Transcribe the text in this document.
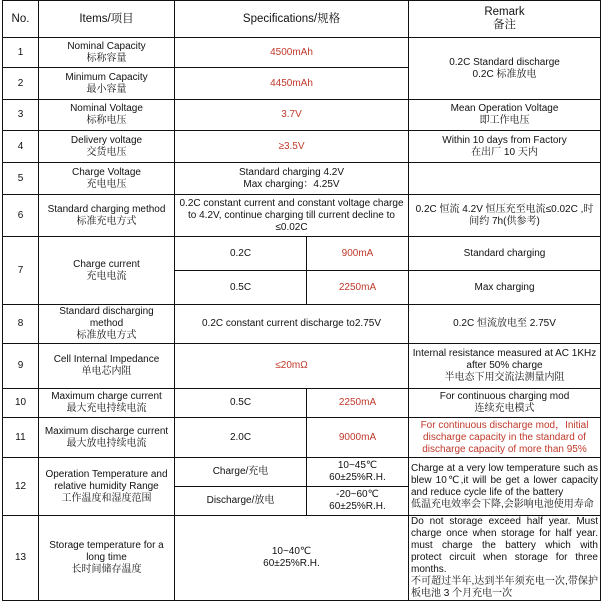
No.	Items/项目	Specifications/规格		Remark
备注

1	Nominal Capacity
标称容量	4500mAh		0.2C Standard discharge
0.2C 标准放电

2	Minimum Capacity
最小容量	4450mAh		
3	Nominal Voltage
标称电压	3.7V		Mean Operation Voltage
即工作电压

4	Delivery voltage
交货电压	≥3.5V		Within 10 days from Factory
在出厂 10 天内

5	Charge Voltage
充电电压	Standard charging 4.2V
Max charging：4.25V		

6	Standard charging method
标准充电方式	0.2C constant current and constant voltage charge to 4.2V, continue charging till current decline to ≤0.02C		0.2C 恒流 4.2V 恒压充至电流≤0.02C ,时间约 7h(供参考)
7	Charge current
充电电流	0.2C	900mA	Standard charging
		0.5C	2250mA	Max charging
8	Standard discharging method
标准放电方式	0.2C constant current discharge to2.75V		0.2C 恒流放电至 2.75V
9	Cell Internal Impedance
单电芯内阻	≤20mΩ		Internal resistance measured at AC 1KHz
after 50% charge
半电态下用交流法测量内阻

10	Maximum charge current
最大充电持续电流	0.5C	2250mA	For continuous charging mod
连续充电模式

11	Maximum discharge current
最大放电持续电流	2.0C	9000mA	For continuous discharge mod，Initial discharge capacity in the standard of discharge capacity of more than 95%
12	Operation Temperature and relative humidity Range
工作温度和湿度范围	Charge/充电	10~45℃
60±25%R.H.	Charge at a very low temperature such as blew 10℃,it will be get a lower capacity and reduce cycle life of the battery
低温充电效率会下降,会影响电池使用寿命

		Discharge/放电	-20~60℃
60±25%R.H.	

13	Storage temperature for a long time
长时间储存温度	10~40℃
60±25%R.H.		Do not storage exceed half year. Must charge once when storage for half year. must charge the battery which with protect circuit when storage for three months.
不可超过半年,达到半年须充电一次,带保护板电池 3 个月充电一次
